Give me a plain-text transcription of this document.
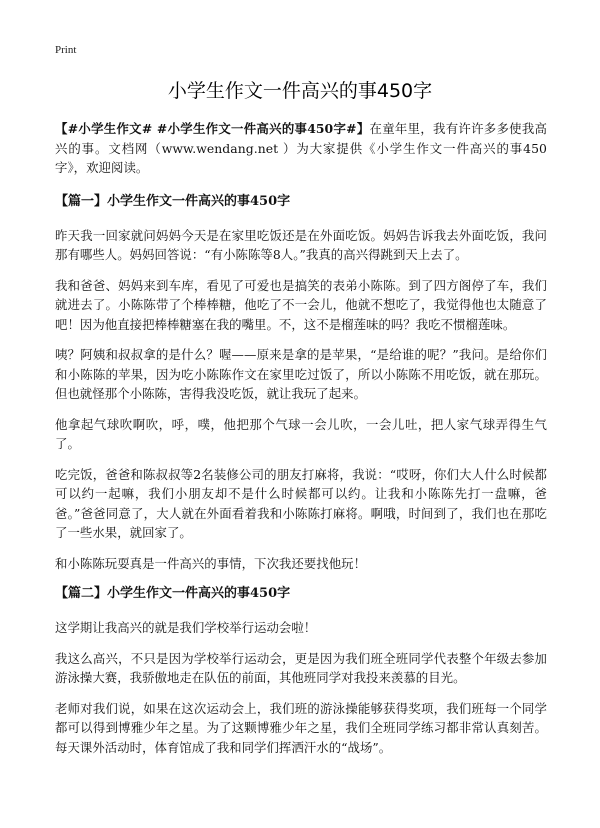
Print
小学生作文一件高兴的事450字

【#小学生作文# #小学生作文一件高兴的事450字#】在童年里，我有许许多多使我高兴的事。文档网（www.wendang.net ）为大家提供《小学生作文一件高兴的事450字》，欢迎阅读。

【篇一】小学生作文一件高兴的事450字

昨天我一回家就问妈妈今天是在家里吃饭还是在外面吃饭。妈妈告诉我去外面吃饭，我问那有哪些人。妈妈回答说：“有小陈陈等8人。”我真的高兴得跳到天上去了。

我和爸爸、妈妈来到车库，看见了可爱也是搞笑的表弟小陈陈。到了四方阁停了车，我们就进去了。小陈陈带了个棒棒糖，他吃了不一会儿，他就不想吃了，我觉得他也太随意了吧！因为他直接把棒棒糖塞在我的嘴里。不，这不是榴莲味的吗？我吃不惯榴莲味。

咦？阿姨和叔叔拿的是什么？喔——原来是拿的是苹果，“是给谁的呢？”我问。是给你们和小陈陈的苹果，因为吃小陈陈作文在家里吃过饭了，所以小陈陈不用吃饭，就在那玩。但也就怪那个小陈陈，害得我没吃饭，就让我玩了起来。

他拿起气球吹啊吹，呼，噗，他把那个气球一会儿吹，一会儿吐，把人家气球弄得生气了。

吃完饭，爸爸和陈叔叔等2名装修公司的朋友打麻将，我说：“哎呀，你们大人什么时候都可以约一起嘛，我们小朋友却不是什么时候都可以约。让我和小陈陈先打一盘嘛，爸爸。”爸爸同意了，大人就在外面看着我和小陈陈打麻将。啊哦，时间到了，我们也在那吃了一些水果，就回家了。

和小陈陈玩耍真是一件高兴的事情，下次我还要找他玩！

【篇二】小学生作文一件高兴的事450字

这学期让我高兴的就是我们学校举行运动会啦！

我这么高兴，不只是因为学校举行运动会，更是因为我们班全班同学代表整个年级去参加游泳操大赛，我骄傲地走在队伍的前面，其他班同学对我投来羡慕的目光。

老师对我们说，如果在这次运动会上，我们班的游泳操能够获得奖项，我们班每一个同学都可以得到博雅少年之星。为了这颗博雅少年之星，我们全班同学练习都非常认真刻苦。每天课外活动时，体育馆成了我和同学们挥洒汗水的“战场”。
